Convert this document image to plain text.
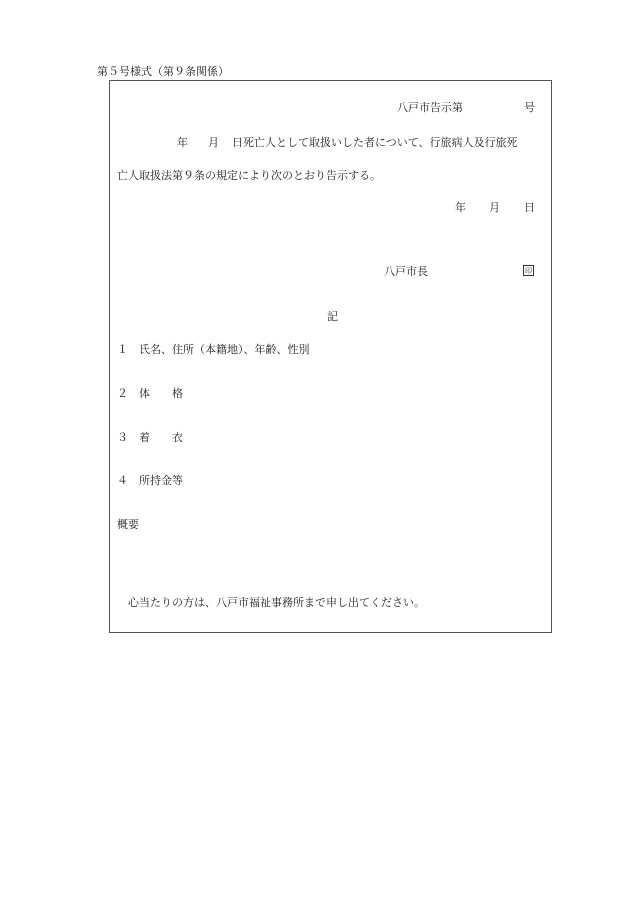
第５号様式（第９条関係）
八戸市告示第	号
年 月 日死亡人として取扱いした者について、行旅病人及行旅死
亡人取扱法第９条の規定により次のとおり告示する。
年 月 日
八戸市長	印
記
１ 氏名、住所（本籍地）、年齢、性別
２ 体　　格
３ 着　　衣
４ 所持金等
概要
心当たりの方は、八戸市福祉事務所まで申し出てください。
